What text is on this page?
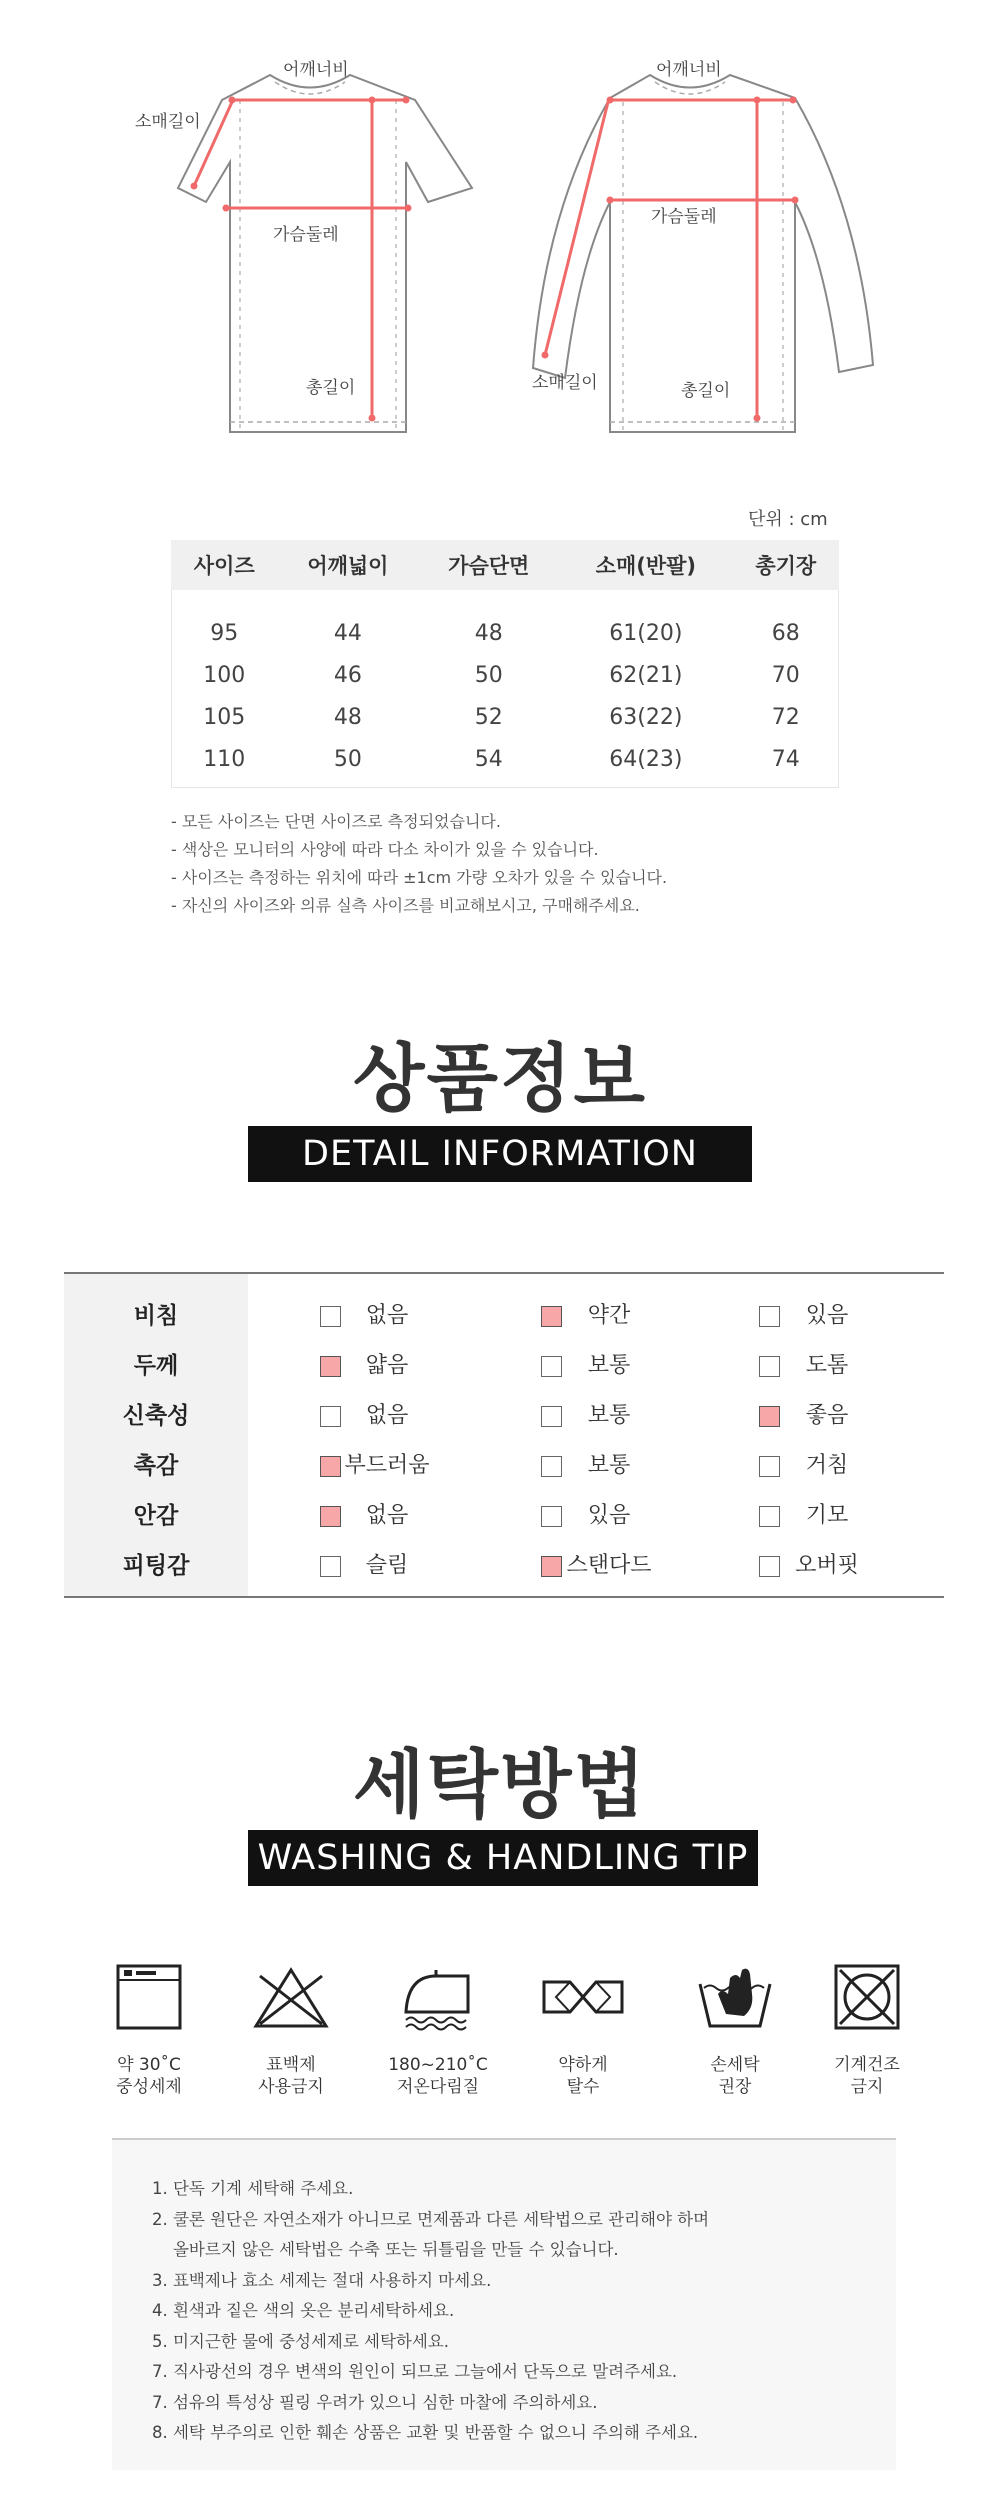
어깨너비
소매길이
가슴둘레
총길이
어깨너비
가슴둘레
소매길이	총길이
단위 : cm
사이즈	어깨넓이	가슴단면	소매(반팔)	총기장

95	44	48	61(20)	68
100	46	50	62(21)	70
105	48	52	63(22)	72
110	50	54	64(23)	74
- 모든 사이즈는 단면 사이즈로 측정되었습니다.
- 색상은 모니터의 사양에 따라 다소 차이가 있을 수 있습니다.
- 사이즈는 측정하는 위치에 따라 ±1cm 가량 오차가 있을 수 있습니다.
- 자신의 사이즈와 의류 실측 사이즈를 비교해보시고, 구매해주세요.
상품정보
DETAIL INFORMATION
비침	없음	약간	있음
두께	얇음	보통	도톰
신축성	없음	보통	좋음
촉감	부드러움	보통	거침
안감	없음	있음	기모
피팅감	슬림	스탠다드	오버핏
세탁방법
WASHING & HANDLING TIP
약 30˚C
중성세제
표백제
사용금지
180~210˚C
저온다림질
약하게
탈수
손세탁
권장
기계건조
금지
1. 단독 기계 세탁해 주세요.
2. 쿨론 원단은 자연소재가 아니므로 면제품과 다른 세탁법으로 관리해야 하며
올바르지 않은 세탁법은 수축 또는 뒤틀림을 만들 수 있습니다.
3. 표백제나 효소 세제는 절대 사용하지 마세요.
4. 흰색과 짙은 색의 옷은 분리세탁하세요.
5. 미지근한 물에 중성세제로 세탁하세요.
7. 직사광선의 경우 변색의 원인이 되므로 그늘에서 단독으로 말려주세요.
7. 섬유의 특성상 필링 우려가 있으니 심한 마찰에 주의하세요.
8. 세탁 부주의로 인한 훼손 상품은 교환 및 반품할 수 없으니 주의해 주세요.
